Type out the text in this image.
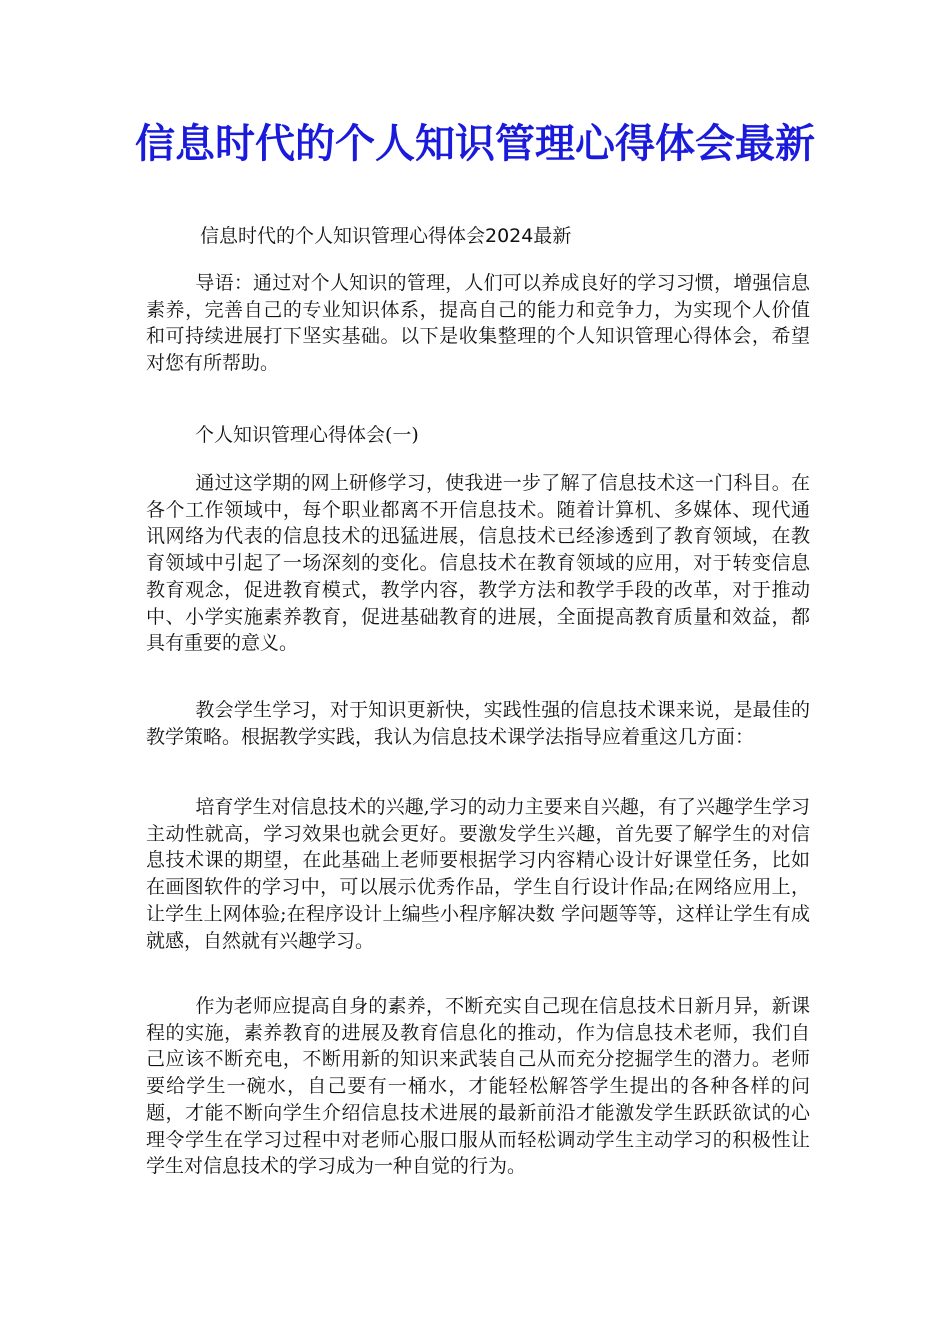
信息时代的个人知识管理心得体会最新

信息时代的个人知识管理心得体会2024最新

导语：通过对个人知识的管理，人们可以养成良好的学习习惯，增强信息素养，完善自己的专业知识体系，提高自己的能力和竞争力，为实现个人价值和可持续进展打下坚实基础。以下是收集整理的个人知识管理心得体会，希望对您有所帮助。

个人知识管理心得体会(一)

通过这学期的网上研修学习，使我进一步了解了信息技术这一门科目。在各个工作领域中，每个职业都离不开信息技术。随着计算机、多媒体、现代通讯网络为代表的信息技术的迅猛进展，信息技术已经渗透到了教育领域，在教育领域中引起了一场深刻的变化。信息技术在教育领域的应用，对于转变信息教育观念，促进教育模式，教学内容，教学方法和教学手段的改革，对于推动中、小学实施素养教育，促进基础教育的进展，全面提高教育质量和效益，都具有重要的意义。

教会学生学习，对于知识更新快，实践性强的信息技术课来说，是最佳的教学策略。根据教学实践，我认为信息技术课学法指导应着重这几方面：

培育学生对信息技术的兴趣,学习的动力主要来自兴趣，有了兴趣学生学习主动性就高，学习效果也就会更好。要激发学生兴趣，首先要了解学生的对信息技术课的期望，在此基础上老师要根据学习内容精心设计好课堂任务，比如在画图软件的学习中，可以展示优秀作品，学生自行设计作品;在网络应用上，让学生上网体验;在程序设计上编些小程序解决数 学问题等等，这样让学生有成就感，自然就有兴趣学习。

作为老师应提高自身的素养，不断充实自己现在信息技术日新月异，新课程的实施，素养教育的进展及教育信息化的推动，作为信息技术老师，我们自己应该不断充电，不断用新的知识来武装自己从而充分挖掘学生的潜力。老师要给学生一碗水，自己要有一桶水，才能轻松解答学生提出的各种各样的问题，才能不断向学生介绍信息技术进展的最新前沿才能激发学生跃跃欲试的心理令学生在学习过程中对老师心服口服从而轻松调动学生主动学习的积极性让学生对信息技术的学习成为一种自觉的行为。
